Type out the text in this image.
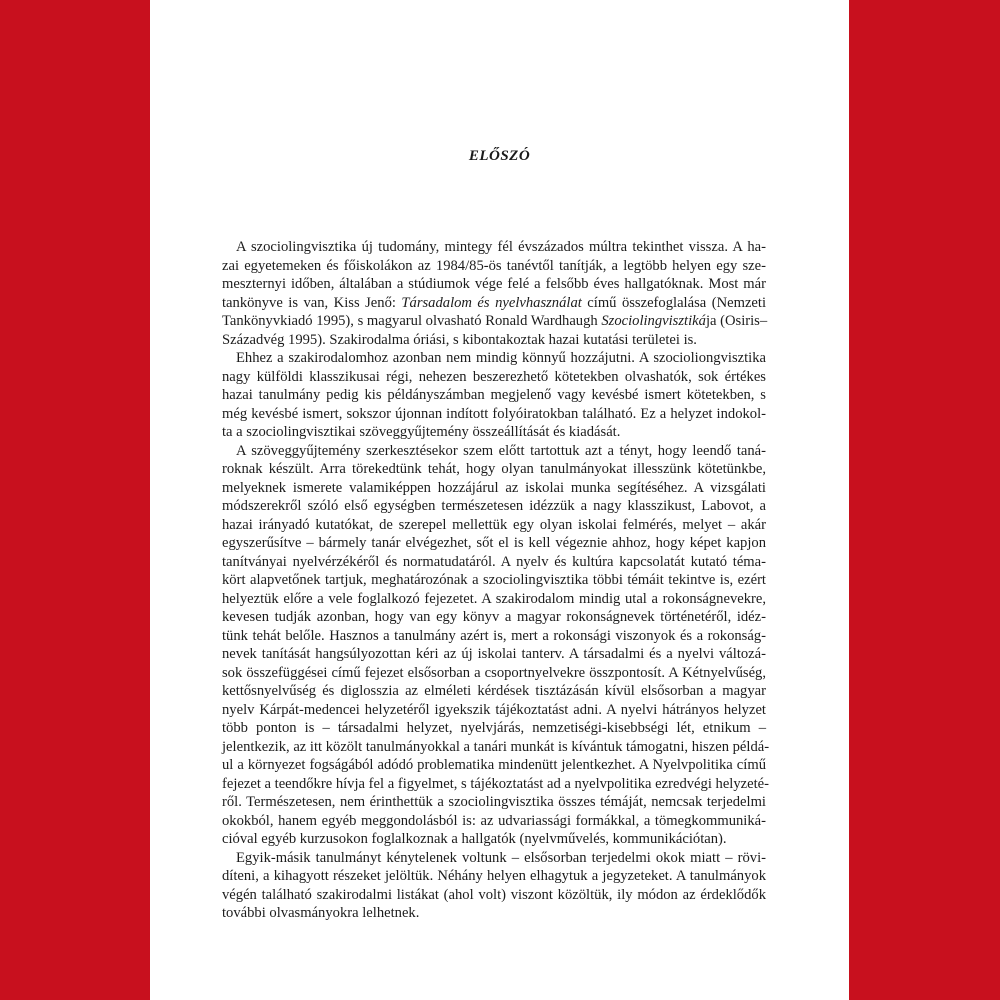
ELŐSZÓ

A szociolingvisztika új tudomány, mintegy fél évszázados múltra tekinthet vissza. A ha-
zai egyetemeken és főiskolákon az 1984/85-ös tanévtől tanítják, a legtöbb helyen egy sze-
meszternyi időben, általában a stúdiumok vége felé a felsőbb éves hallgatóknak. Most már
tankönyve is van, Kiss Jenő: Társadalom és nyelvhasználat című összefoglalása (Nemzeti
Tankönyvkiadó 1995), s magyarul olvasható Ronald Wardhaugh Szociolingvisztikája (Osiris–
Századvég 1995). Szakirodalma óriási, s kibontakoztak hazai kutatási területei is.

Ehhez a szakirodalomhoz azonban nem mindig könnyű hozzájutni. A szocioliongvisztika
nagy külföldi klasszikusai régi, nehezen beszerezhető kötetekben olvashatók, sok értékes
hazai tanulmány pedig kis példányszámban megjelenő vagy kevésbé ismert kötetekben, s
még kevésbé ismert, sokszor újonnan indított folyóiratokban található. Ez a helyzet indokol-
ta a szociolingvisztikai szöveggyűjtemény összeállítását és kiadását.

A szöveggyűjtemény szerkesztésekor szem előtt tartottuk azt a tényt, hogy leendő taná-
roknak készült. Arra törekedtünk tehát, hogy olyan tanulmányokat illesszünk kötetünkbe,
melyeknek ismerete valamiképpen hozzájárul az iskolai munka segítéséhez. A vizsgálati
módszerekről szóló első egységben természetesen idézzük a nagy klasszikust, Labovot, a
hazai irányadó kutatókat, de szerepel mellettük egy olyan iskolai felmérés, melyet – akár
egyszerűsítve – bármely tanár elvégezhet, sőt el is kell végeznie ahhoz, hogy képet kapjon
tanítványai nyelvérzékéről és normatudatáról. A nyelv és kultúra kapcsolatát kutató téma-
kört alapvetőnek tartjuk, meghatározónak a szociolingvisztika többi témáit tekintve is, ezért
helyeztük előre a vele foglalkozó fejezetet. A szakirodalom mindig utal a rokonságnevekre,
kevesen tudják azonban, hogy van egy könyv a magyar rokonságnevek történetéről, idéz-
tünk tehát belőle. Hasznos a tanulmány azért is, mert a rokonsági viszonyok és a rokonság-
nevek tanítását hangsúlyozottan kéri az új iskolai tanterv. A társadalmi és a nyelvi változá-
sok összefüggései című fejezet elsősorban a csoportnyelvekre összpontosít. A Kétnyelvűség,
kettősnyelvűség és diglosszia az elméleti kérdések tisztázásán kívül elsősorban a magyar
nyelv Kárpát-medencei helyzetéről igyekszik tájékoztatást adni. A nyelvi hátrányos helyzet
több ponton is – társadalmi helyzet, nyelvjárás, nemzetiségi-kisebbségi lét, etnikum –
jelentkezik, az itt közölt tanulmányokkal a tanári munkát is kívántuk támogatni, hiszen példá-
ul a környezet fogságából adódó problematika mindenütt jelentkezhet. A Nyelvpolitika című
fejezet a teendőkre hívja fel a figyelmet, s tájékoztatást ad a nyelvpolitika ezredvégi helyzeté-
ről. Természetesen, nem érinthettük a szociolingvisztika összes témáját, nemcsak terjedelmi
okokból, hanem egyéb meggondolásból is: az udvariassági formákkal, a tömegkommuniká-
cióval egyéb kurzusokon foglalkoznak a hallgatók (nyelvművelés, kommunikációtan).

Egyik-másik tanulmányt kénytelenek voltunk – elsősorban terjedelmi okok miatt – rövi-
díteni, a kihagyott részeket jelöltük. Néhány helyen elhagytuk a jegyzeteket. A tanulmányok
végén található szakirodalmi listákat (ahol volt) viszont közöltük, ily módon az érdeklődők
további olvasmányokra lelhetnek.
